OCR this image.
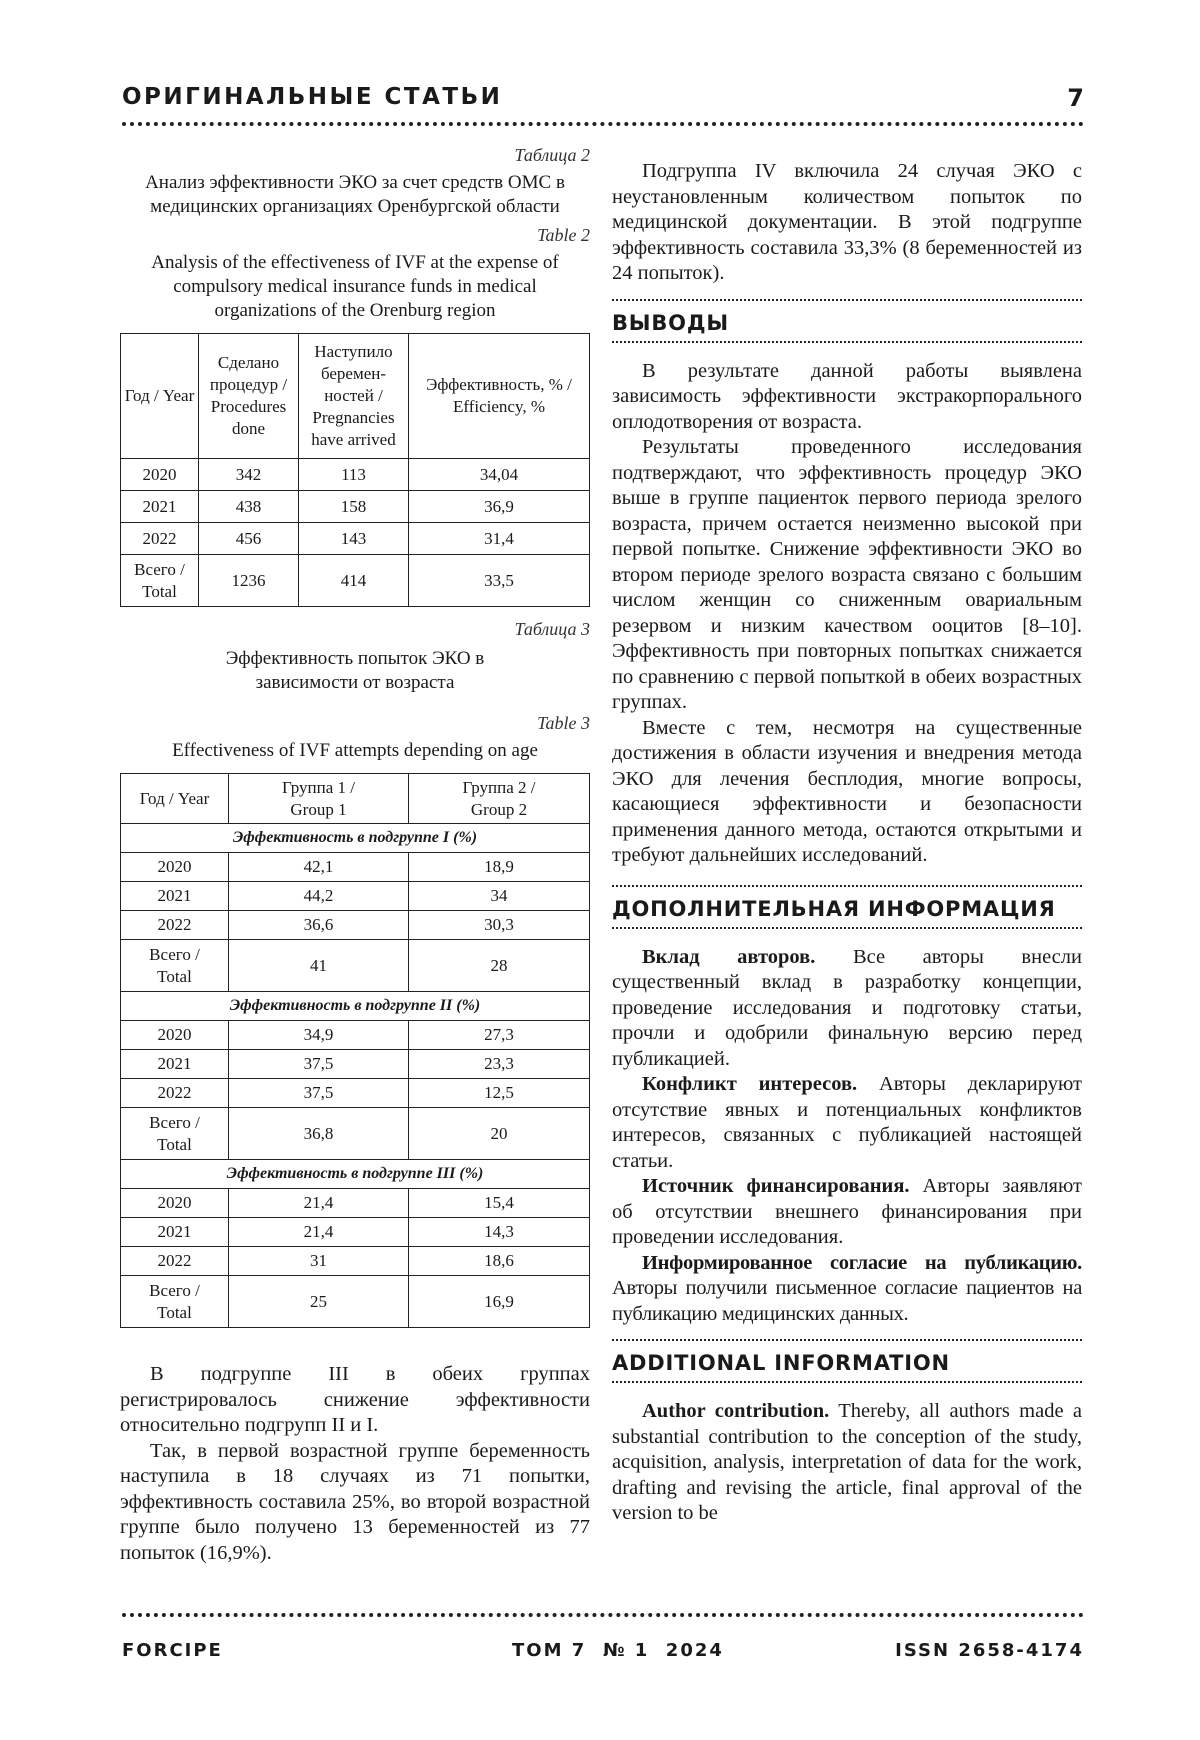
ОРИГИНАЛЬНЫЕ СТАТЬИ	7
Таблица 2
Анализ эффективности ЭКО за счет средств ОМС в медицинских организациях Оренбургской области
Table 2
Analysis of the effectiveness of IVF at the expense of compulsory medical insurance funds in medical organizations of the Orenburg region
Год / Year	Сделано процедур / Procedures done	Наступило беремен-ностей / Pregnancies have arrived	Эффективность, % / Efficiency, %
2020	342	113	34,04
2021	438	158	36,9
2022	456	143	31,4
Всего / Total	1236	414	33,5
Таблица 3
Эффективность попыток ЭКО в зависимости от возраста
Table 3
Effectiveness of IVF attempts depending on age
Год / Year	Группа 1 / Group 1	Группа 2 / Group 2
Эффективность в подгруппе I (%)		
2020	42,1	18,9
2021	44,2	34
2022	36,6	30,3
Всего / Total	41	28
Эффективность в подгруппе II (%)		
2020	34,9	27,3
2021	37,5	23,3
2022	37,5	12,5
Всего / Total	36,8	20
Эффективность в подгруппе III (%)		
2020	21,4	15,4
2021	21,4	14,3
2022	31	18,6
Всего / Total	25	16,9

В подгруппе III в обеих группах регистрировалось снижение эффективности относительно подгрупп II и I.

Так, в первой возрастной группе беременность наступила в 18 случаях из 71 попытки, эффективность составила 25%, во второй возрастной группе было получено 13 беременностей из 77 попыток (16,9%).

Подгруппа IV включила 24 случая ЭКО с неустановленным количеством попыток по медицинской документации. В этой подгруппе эффективность составила 33,3% (8 беременностей из 24 попыток).

ВЫВОДЫ

В результате данной работы выявлена зависимость эффективности экстракорпорального оплодотворения от возраста.

Результаты проведенного исследования подтверждают, что эффективность процедур ЭКО выше в группе пациенток первого периода зрелого возраста, причем остается неизменно высокой при первой попытке. Снижение эффективности ЭКО во втором периоде зрелого возраста связано с большим числом женщин со сниженным овариальным резервом и низким качеством ооцитов [8–10]. Эффективность при повторных попытках снижается по сравнению с первой попыткой в обеих возрастных группах.

Вместе с тем, несмотря на существенные достижения в области изучения и внедрения метода ЭКО для лечения бесплодия, многие вопросы, касающиеся эффективности и безопасности применения данного метода, остаются открытыми и требуют дальнейших исследований.

ДОПОЛНИТЕЛЬНАЯ ИНФОРМАЦИЯ

Вклад авторов. Все авторы внесли существенный вклад в разработку концепции, проведение исследования и подготовку статьи, прочли и одобрили финальную версию перед публикацией.

Конфликт интересов. Авторы декларируют отсутствие явных и потенциальных конфликтов интересов, связанных с публикацией настоящей статьи.

Источник финансирования. Авторы заявляют об отсутствии внешнего финансирования при проведении исследования.

Информированное согласие на публикацию. Авторы получили письменное согласие пациентов на публикацию медицинских данных.

ADDITIONAL INFORMATION

Author contribution. Thereby, all authors made a substantial contribution to the conception of the study, acquisition, analysis, interpretation of data for the work, drafting and revising the article, final approval of the version to be

FORCIPE	ТОМ 7  № 1  2024	ISSN 2658-4174
